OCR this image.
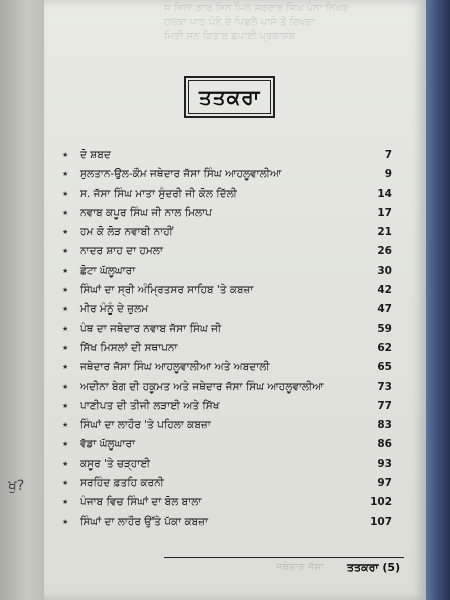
ਖੁ?
ਸ ਜਿਲਾ ਕਾਰ ਜਿਨ ਮਿਲ ਸਰਦਾਰ ਸਿੰਘ ਪੰਨਾ ਲਿਖਤ
ਹਲਕਾ ਪਾਠ ਪੰਨੇ ਦੇ ਪਿਛਲੇ ਪਾਸੇ ਤੋਂ ਦਿਖਦਾ
ਮਿਤੀ ਸਨ ਕਿਤਾਬ ਛਪਾਈ ਪ੍ਰਕਾਸ਼ਕ
ਤਤਕਰਾ
★ ਦੋ ਸ਼ਬਦ	7
★ ਸੁਲਤਾਨ-ਉਲ-ਕੌਮ ਜਥੇਦਾਰ ਜੱਸਾ ਸਿੰਘ ਆਹਲੂਵਾਲੀਆ	9
★ ਸ. ਜੱਸਾ ਸਿੰਘ ਮਾਤਾ ਸੁੰਦਰੀ ਜੀ ਕੋਲ ਦਿੱਲੀ	14
★ ਨਵਾਬ ਕਪੂਰ ਸਿੰਘ ਜੀ ਨਾਲ ਮਿਲਾਪ	17
★ ਹਮ ਕੋ ਲੋੜ ਨਵਾਬੀ ਨਾਹੀਂ	21
★ ਨਾਦਰ ਸ਼ਾਹ ਦਾ ਹਮਲਾ	26
★ ਛੋਟਾ ਘੱਲੂਘਾਰਾ	30
★ ਸਿੰਘਾਂ ਦਾ ਸ੍ਰੀ ਅੰਮ੍ਰਿਤਸਰ ਸਾਹਿਬ 'ਤੇ ਕਬਜ਼ਾ	42
★ ਮੀਰ ਮੰਨੂੰ ਦੇ ਜ਼ੁਲਮ	47
★ ਪੰਥ ਦਾ ਜਥੇਦਾਰ ਨਵਾਬ ਜੱਸਾ ਸਿੰਘ ਜੀ	59
★ ਸਿੱਖ ਮਿਸਲਾਂ ਦੀ ਸਥਾਪਨਾ	62
★ ਜਥੇਦਾਰ ਜੱਸਾ ਸਿੰਘ ਆਹਲੂਵਾਲੀਆ ਅਤੇ ਅਬਦਾਲੀ	65
★ ਅਦੀਨਾ ਬੇਗ ਦੀ ਹਕੂਮਤ ਅਤੇ ਜਥੇਦਾਰ ਜੱਸਾ ਸਿੰਘ ਆਹਲੂਵਾਲੀਆ	73
★ ਪਾਣੀਪਤ ਦੀ ਤੀਜੀ ਲੜਾਈ ਅਤੇ ਸਿੱਖ	77
★ ਸਿੰਘਾਂ ਦਾ ਲਾਹੌਰ 'ਤੇ ਪਹਿਲਾ ਕਬਜ਼ਾ	83
★ ਵੱਡਾ ਘੱਲੂਘਾਰਾ	86
★ ਕਸੂਰ 'ਤੇ ਚੜ੍ਹਾਈ	93
★ ਸਰਹਿੰਦ ਫ਼ਤਹਿ ਕਰਨੀ	97
★ ਪੰਜਾਬ ਵਿਚ ਸਿੰਘਾਂ ਦਾ ਬੋਲ ਬਾਲਾ	102
★ ਸਿੰਘਾਂ ਦਾ ਲਾਹੌਰ ਉੱਤੇ ਪੱਕਾ ਕਬਜ਼ਾ	107
ਜਥੇਦਾਰ ਜੱਸਾ ਤਤਕਰਾ (5)
